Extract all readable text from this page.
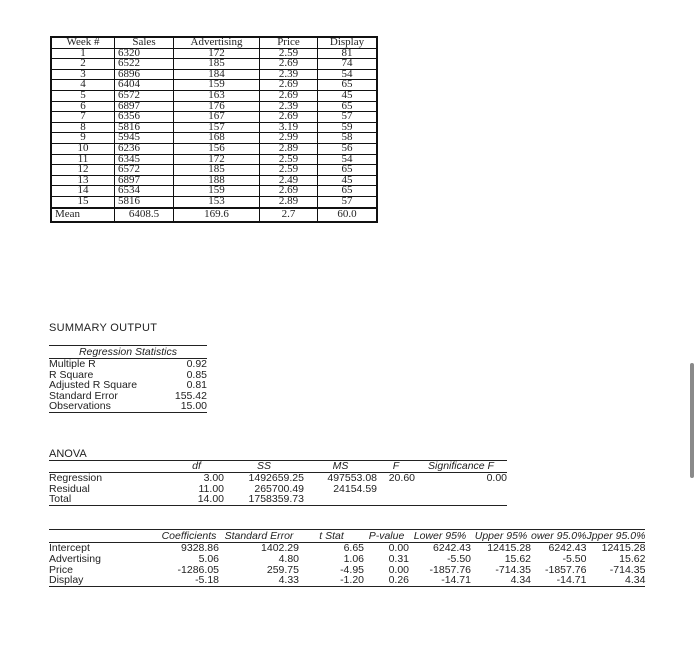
Week #	Sales	Advertising	Price	Display
1	6320	172	2.59	81
2	6522	185	2.69	74
3	6896	184	2.39	54
4	6404	159	2.69	65
5	6572	163	2.69	45
6	6897	176	2.39	65
7	6356	167	2.69	57
8	5816	157	3.19	59
9	5945	168	2.99	58
10	6236	156	2.89	56
11	6345	172	2.59	54
12	6572	185	2.59	65
13	6897	188	2.49	45
14	6534	159	2.69	65
15	5816	153	2.89	57
Mean	6408.5	169.6	2.7	60.0
SUMMARY OUTPUT
Regression Statistics	
Multiple R	0.92
R Square	0.85
Adjusted R Square	0.81
Standard Error	155.42
Observations	15.00
ANOVA
	df	SS	MS	F	Significance F
Regression	3.00	1492659.25	497553.08	20.60	0.00
Residual	11.00	265700.49	24154.59		
Total	14.00	1758359.73			
	Coefficients	Standard Error	t Stat	P-value	Lower 95%	Upper 95%	ower 95.0%	Jpper 95.0%
Intercept	9328.86	1402.29	6.65	0.00	6242.43	12415.28	6242.43	12415.28
Advertising	5.06	4.80	1.06	0.31	-5.50	15.62	-5.50	15.62
Price	-1286.05	259.75	-4.95	0.00	-1857.76	-714.35	-1857.76	-714.35
Display	-5.18	4.33	-1.20	0.26	-14.71	4.34	-14.71	4.34
